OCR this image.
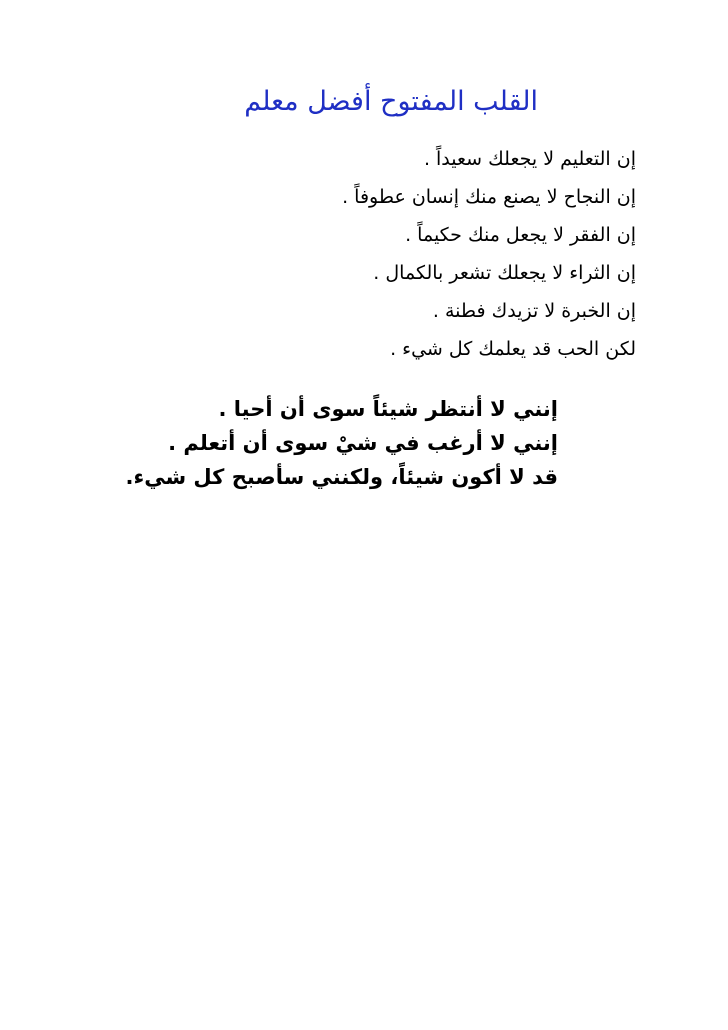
القلب المفتوح أفضل معلم
إن التعليم لا يجعلك سعيداً .
إن النجاح لا يصنع منك إنسان عطوفاً .
إن الفقر لا يجعل منك حكيماً .
إن الثراء لا يجعلك تشعر بالكمال .
إن الخبرة لا تزيدك فطنة .
لكن الحب قد يعلمك كل شيء .
إنني لا أنتظر شيئاً سوى أن أحيا .
إنني لا أرغب في شيْ سوى أن أتعلم .
قد لا أكون شيئاً، ولكنني سأصبح كل شيء.
